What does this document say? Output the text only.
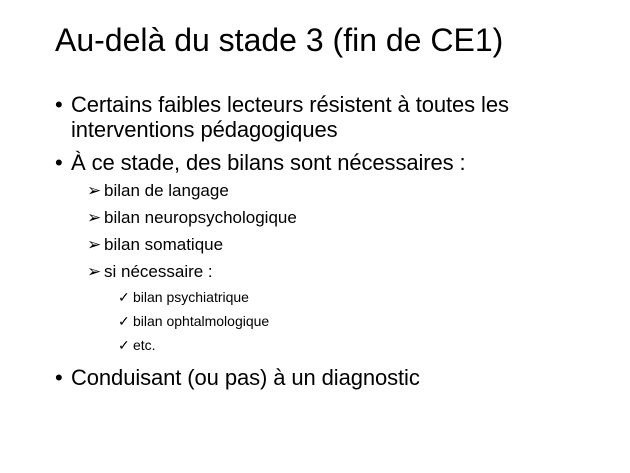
Au-delà du stade 3 (fin de CE1)
• Certains faibles lecteurs résistent à toutes les interventions pédagogiques
• À ce stade, des bilans sont nécessaires :
➢ bilan de langage
➢ bilan neuropsychologique
➢ bilan somatique
➢ si nécessaire :
✓ bilan psychiatrique
✓ bilan ophtalmologique
✓ etc.
• Conduisant (ou pas) à un diagnostic
